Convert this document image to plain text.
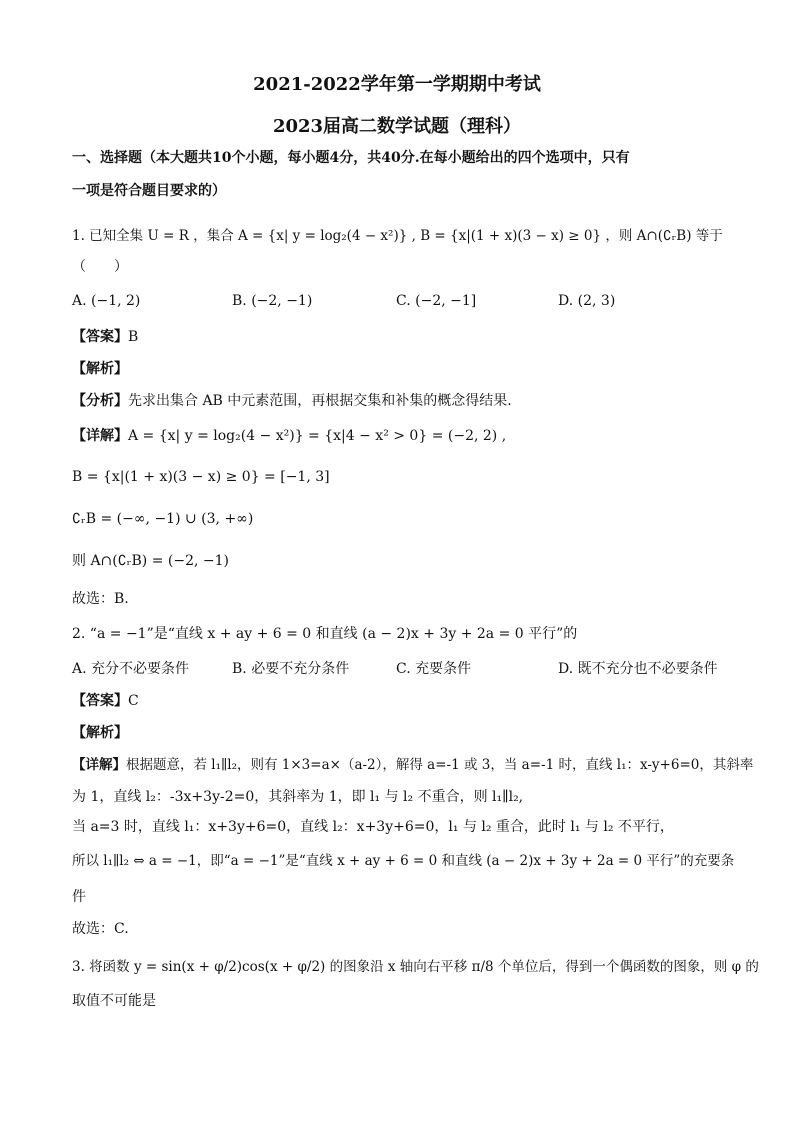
2021-2022学年第一学期期中考试
2023届高二数学试题（理科）
一、选择题（本大题共10个小题，每小题4分，共40分.在每小题给出的四个选项中，只有
一项是符合题目要求的）
1. 已知全集 U = R ，集合 A = {x| y = log₂(4 − x²)} , B = {x|(1 + x)(3 − x) ≥ 0} ，则 A∩(∁ᵣB) 等于
（　　）
A. (−1, 2)	B. (−2, −1)	C. (−2, −1]	D. (2, 3)
【答案】B
【解析】
【分析】先求出集合 AB 中元素范围，再根据交集和补集的概念得结果.
【详解】A = {x| y = log₂(4 − x²)} = {x|4 − x² > 0} = (−2, 2) ,
B = {x|(1 + x)(3 − x) ≥ 0} = [−1, 3]
∁ᵣB = (−∞, −1) ∪ (3, +∞)
则 A∩(∁ᵣB) = (−2, −1)
故选：B.
2. “a = −1”是“直线 x + ay + 6 = 0 和直线 (a − 2)x + 3y + 2a = 0 平行”的
A. 充分不必要条件	B. 必要不充分条件	C. 充要条件	D. 既不充分也不必要条件
【答案】C
【解析】
【详解】根据题意，若 l₁∥l₂，则有 1×3=a×（a-2），解得 a=-1 或 3，当 a=-1 时，直线 l₁：x-y+6=0，其斜率
为 1，直线 l₂：-3x+3y-2=0，其斜率为 1，即 l₁ 与 l₂ 不重合，则 l₁∥l₂,
当 a=3 时，直线 l₁：x+3y+6=0，直线 l₂：x+3y+6=0，l₁ 与 l₂ 重合，此时 l₁ 与 l₂ 不平行，
所以 l₁∥l₂ ⇔ a = −1，即“a = −1”是“直线 x + ay + 6 = 0 和直线 (a − 2)x + 3y + 2a = 0 平行”的充要条
件
故选：C.
3. 将函数 y = sin(x + φ/2)cos(x + φ/2) 的图象沿 x 轴向右平移 π/8 个单位后，得到一个偶函数的图象，则 φ 的
取值不可能是
